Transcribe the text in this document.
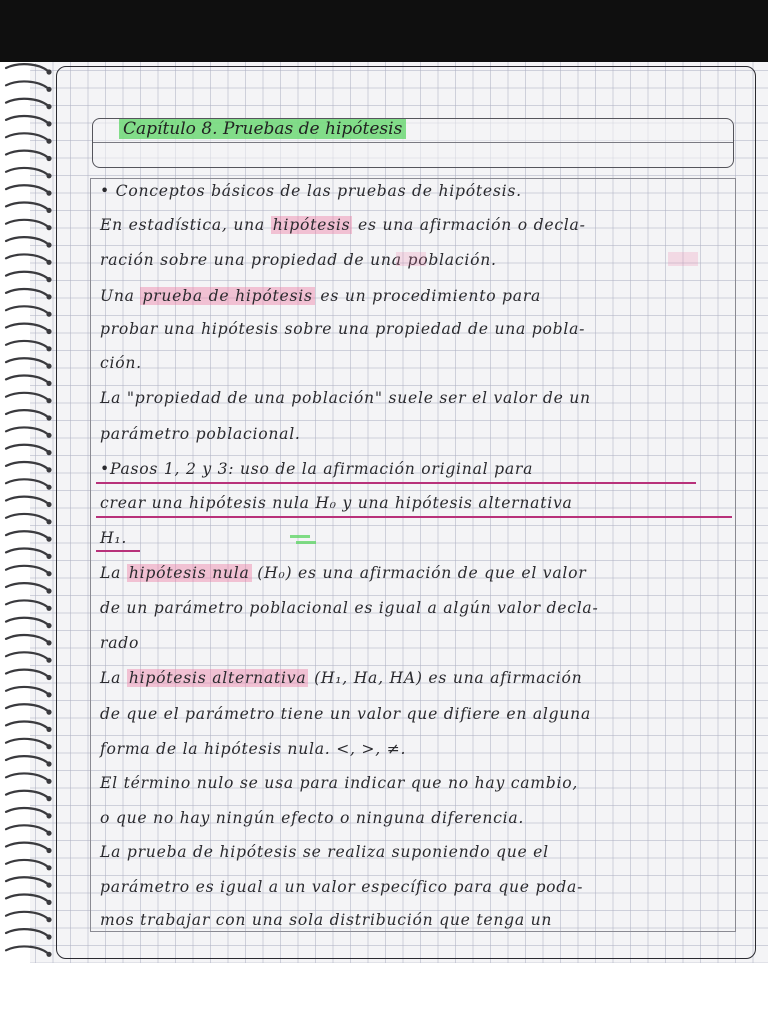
Capítulo 8. Pruebas de hipótesis

• Conceptos básicos de las pruebas de hipótesis.

En estadística, una hipótesis es una afirmación o decla-

ración sobre una propiedad de una población.

Una prueba de hipótesis es un procedimiento para

probar una hipótesis sobre una propiedad de una pobla-

ción.

La "propiedad de una población" suele ser el valor de un

parámetro poblacional.

•Pasos 1, 2 y 3: uso de la afirmación original para

crear una hipótesis nula H₀ y una hipótesis alternativa

H₁.

La hipótesis nula (H₀) es una afirmación de que el valor

de un parámetro poblacional es igual a algún valor decla-

rado

La hipótesis alternativa (H₁, Ha, HA) es una afirmación

de que el parámetro tiene un valor que difiere en alguna

forma de la hipótesis nula. <, >, ≠.

El término nulo se usa para indicar que no hay cambio,

o que no hay ningún efecto o ninguna diferencia.

La prueba de hipótesis se realiza suponiendo que el

parámetro es igual a un valor específico para que poda-

mos trabajar con una sola distribución que tenga un
